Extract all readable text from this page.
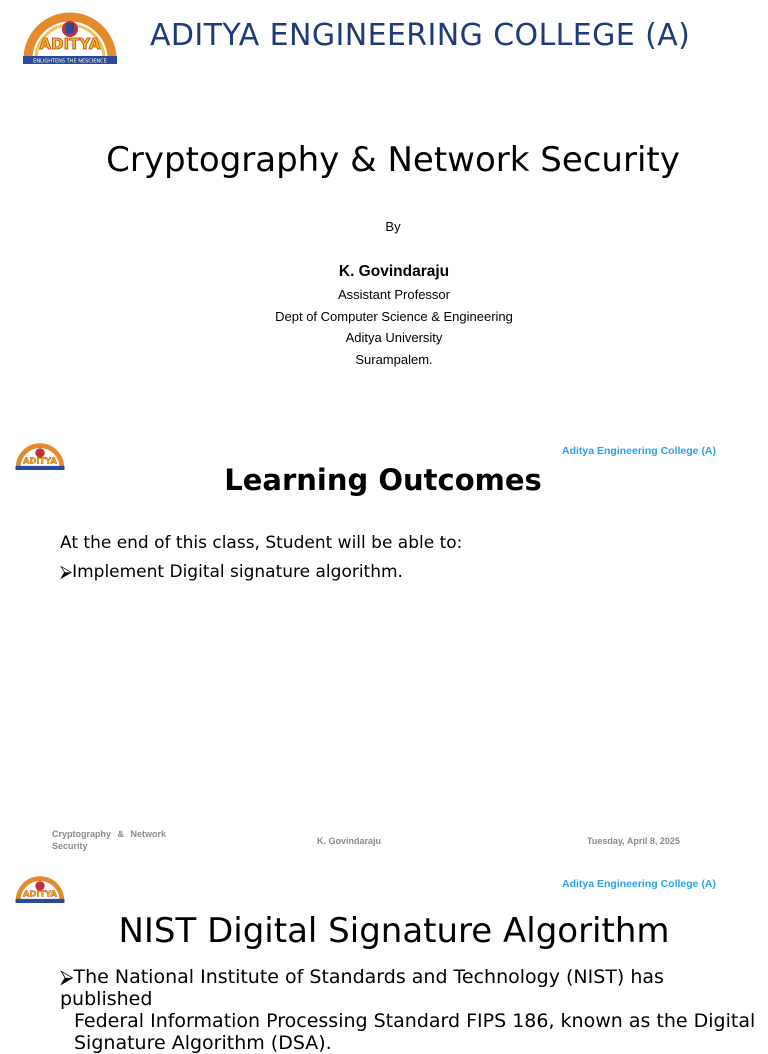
ADITYA
ENLIGHTENS THE NESCIENCE
ADITYA ENGINEERING COLLEGE (A)
Cryptography & Network Security
By
K. Govindaraju
Assistant Professor
Dept of Computer Science & Engineering
Aditya University
Surampalem.
ADITYA
Aditya Engineering College (A)
Learning Outcomes
At the end of this class, Student will be able to:
⮚Implement Digital signature algorithm.
Cryptography & Network Security	K. Govindaraju	Tuesday, April 8, 2025
ADITYA
Aditya Engineering College (A)
NIST Digital Signature Algorithm
⮚The National Institute of Standards and Technology (NIST) has published
Federal Information Processing Standard FIPS 186, known as the Digital
Signature Algorithm (DSA).
